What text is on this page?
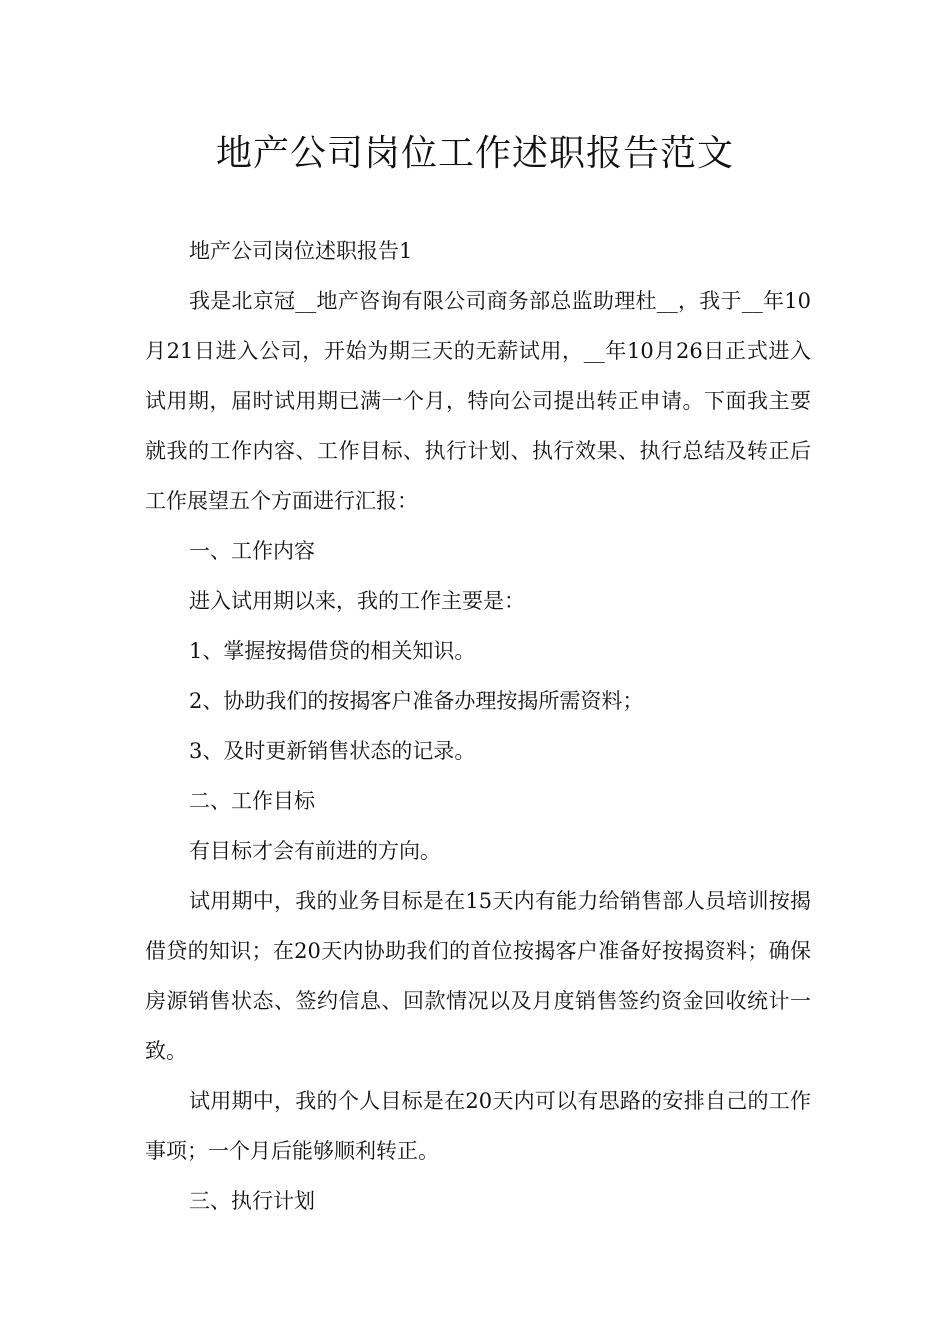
地产公司岗位工作述职报告范文

地产公司岗位述职报告1

我是北京冠__地产咨询有限公司商务部总监助理杜__，我于__年10月21日进入公司，开始为期三天的无薪试用，__年10月26日正式进入试用期，届时试用期已满一个月，特向公司提出转正申请。下面我主要就我的工作内容、工作目标、执行计划、执行效果、执行总结及转正后工作展望五个方面进行汇报：

一、工作内容

进入试用期以来，我的工作主要是：

1、掌握按揭借贷的相关知识。

2、协助我们的按揭客户准备办理按揭所需资料；

3、及时更新销售状态的记录。

二、工作目标

有目标才会有前进的方向。

试用期中，我的业务目标是在15天内有能力给销售部人员培训按揭借贷的知识；在20天内协助我们的首位按揭客户准备好按揭资料；确保房源销售状态、签约信息、回款情况以及月度销售签约资金回收统计一致。

试用期中，我的个人目标是在20天内可以有思路的安排自己的工作事项；一个月后能够顺利转正。

三、执行计划
